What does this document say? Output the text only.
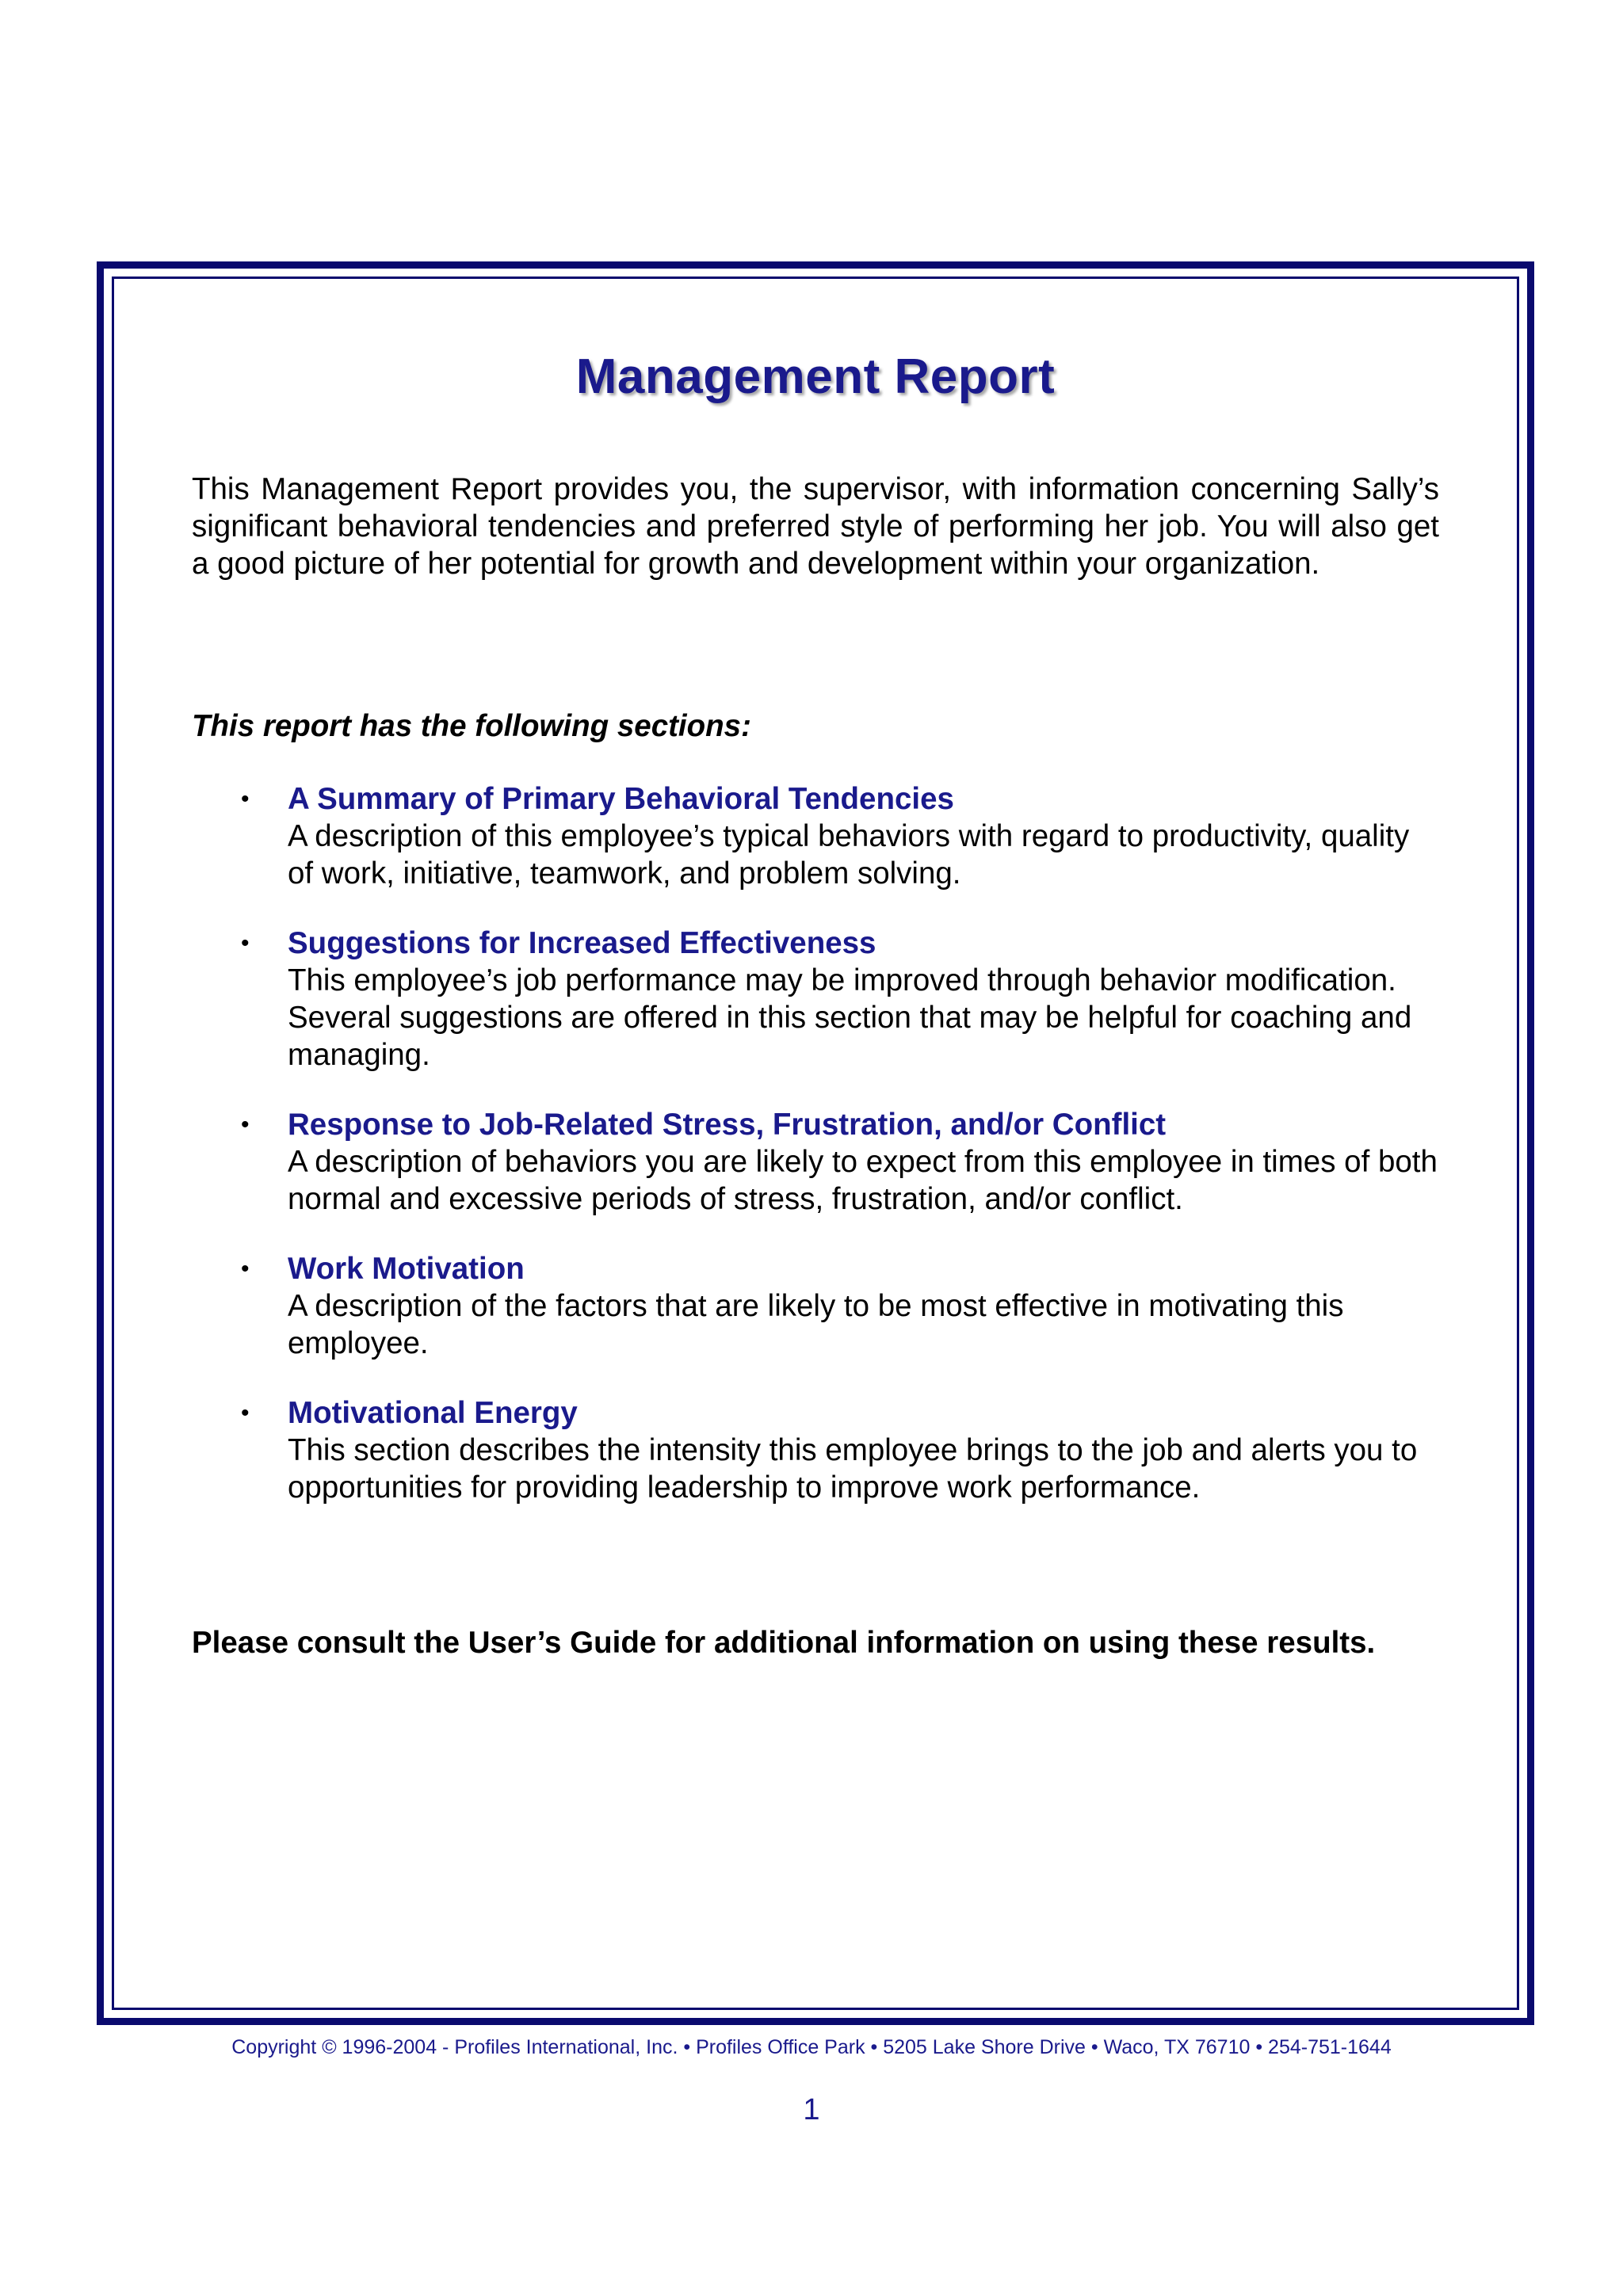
Management Report
This Management Report provides you, the supervisor, with information concerning Sally’s significant behavioral tendencies and preferred style of performing her job. You will also get a good picture of her potential for growth and development within your organization.
This report has the following sections:
• A Summary of Primary Behavioral Tendencies
A description of this employee’s typical behaviors with regard to productivity, quality of work, initiative, teamwork, and problem solving.
• Suggestions for Increased Effectiveness
This employee’s job performance may be improved through behavior modification. Several suggestions are offered in this section that may be helpful for coaching and managing.
• Response to Job-Related Stress, Frustration, and/or Conflict
A description of behaviors you are likely to expect from this employee in times of both normal and excessive periods of stress, frustration, and/or conflict.
• Work Motivation
A description of the factors that are likely to be most effective in motivating this employee.
• Motivational Energy
This section describes the intensity this employee brings to the job and alerts you to opportunities for providing leadership to improve work performance.
Please consult the User’s Guide for additional information on using these results.
Copyright © 1996-2004 - Profiles International, Inc. • Profiles Office Park • 5205 Lake Shore Drive • Waco, TX 76710 • 254-751-1644
1
